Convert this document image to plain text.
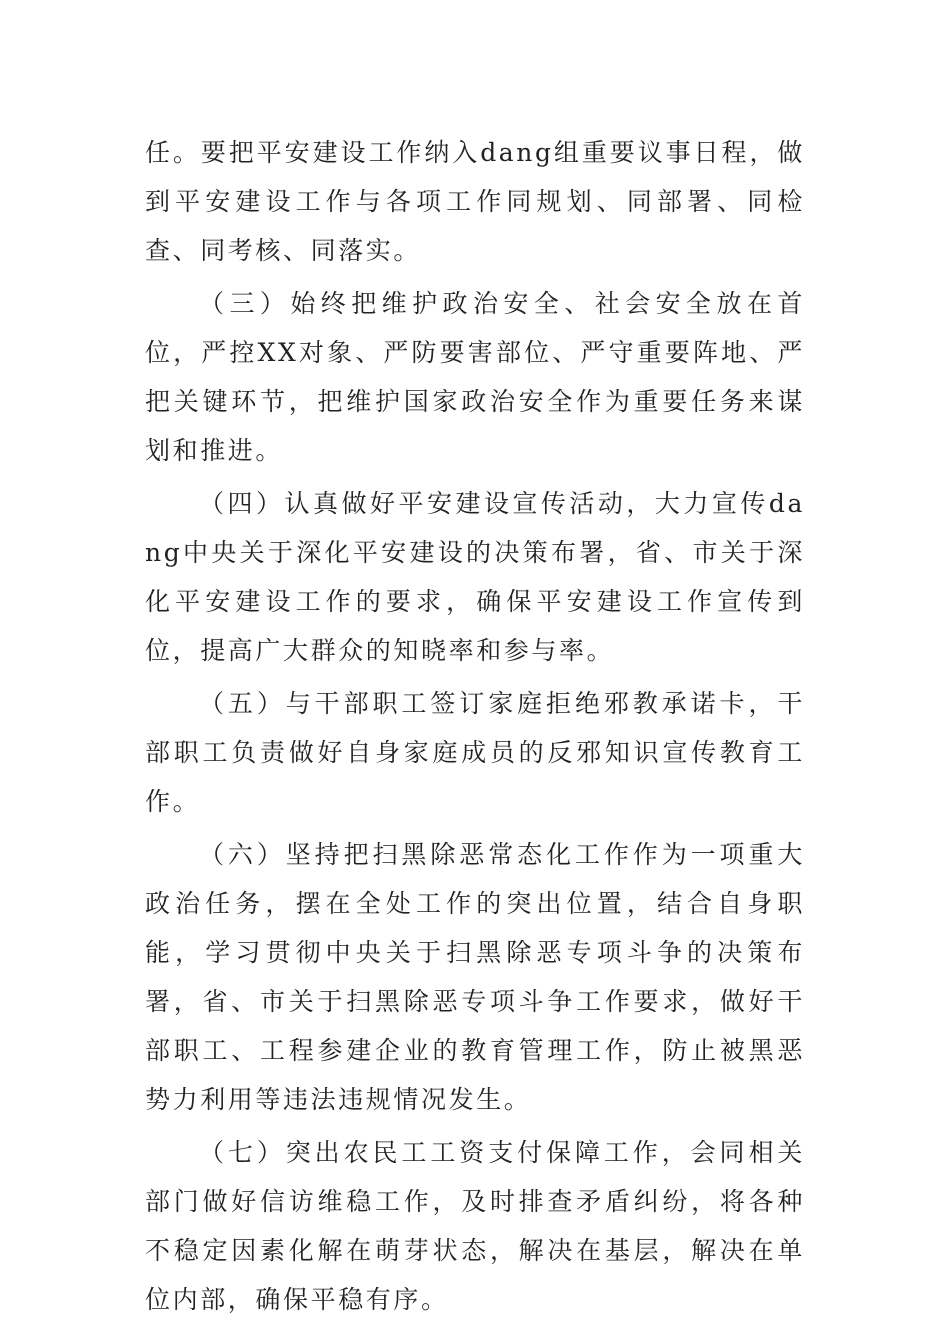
任。要把平安建设工作纳入dang组重要议事日程，做到平安建设工作与各项工作同规划、同部署、同检查、同考核、同落实。

（三）始终把维护政治安全、社会安全放在首位，严控XX对象、严防要害部位、严守重要阵地、严把关键环节，把维护国家政治安全作为重要任务来谋划和推进。

（四）认真做好平安建设宣传活动，大力宣传dang中央关于深化平安建设的决策布署，省、市关于深化平安建设工作的要求，确保平安建设工作宣传到位，提高广大群众的知晓率和参与率。

（五）与干部职工签订家庭拒绝邪教承诺卡，干部职工负责做好自身家庭成员的反邪知识宣传教育工作。

（六）坚持把扫黑除恶常态化工作作为一项重大政治任务，摆在全处工作的突出位置，结合自身职能，学习贯彻中央关于扫黑除恶专项斗争的决策布署，省、市关于扫黑除恶专项斗争工作要求，做好干部职工、工程参建企业的教育管理工作，防止被黑恶势力利用等违法违规情况发生。

（七）突出农民工工资支付保障工作，会同相关部门做好信访维稳工作，及时排查矛盾纠纷，将各种不稳定因素化解在萌芽状态，解决在基层，解决在单位内部，确保平稳有序。
